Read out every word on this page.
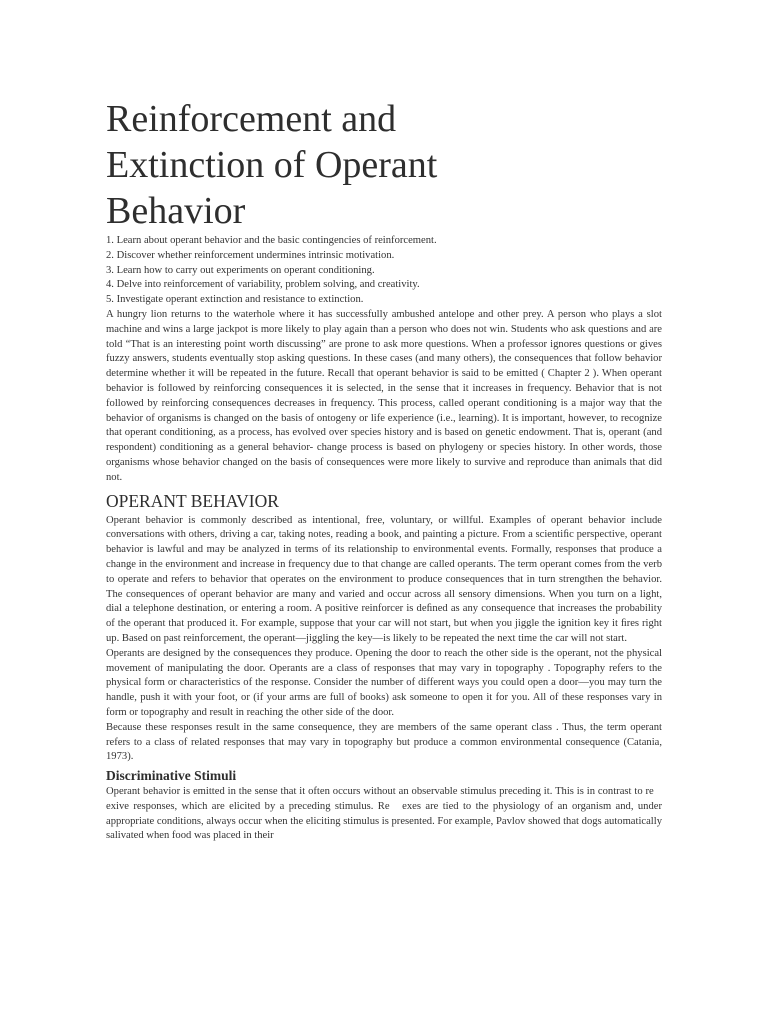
Reinforcement and Extinction of Operant Behavior
1. Learn about operant behavior and the basic contingencies of reinforcement.
2. Discover whether reinforcement undermines intrinsic motivation.
3. Learn how to carry out experiments on operant conditioning.
4. Delve into reinforcement of variability, problem solving, and creativity.
5. Investigate operant extinction and resistance to extinction.

A hungry lion returns to the waterhole where it has successfully ambushed antelope and other prey. A person who plays a slot machine and wins a large jackpot is more likely to play again than a person who does not win. Students who ask questions and are told “That is an interesting point worth discussing” are prone to ask more questions. When a professor ignores questions or gives fuzzy answers, students eventually stop asking questions. In these cases (and many others), the consequences that follow behavior determine whether it will be repeated in the future. Recall that operant behavior is said to be emitted ( Chapter 2 ). When operant behavior is followed by reinforcing consequences it is selected, in the sense that it increases in frequency. Behavior that is not followed by reinforcing consequences decreases in frequency. This process, called operant conditioning is a major way that the behavior of organisms is changed on the basis of ontogeny or life experience (i.e., learning). It is important, however, to recognize that operant conditioning, as a process, has evolved over species history and is based on genetic endowment. That is, operant (and respondent) conditioning as a general behavior- change process is based on phylogeny or species history. In other words, those organisms whose behavior changed on the basis of consequences were more likely to survive and reproduce than animals that did not.

OPERANT BEHAVIOR

Operant behavior is commonly described as intentional, free, voluntary, or willful. Examples of operant behavior include conversations with others, driving a car, taking notes, reading a book, and painting a picture. From a scientiﬁc perspective, operant behavior is lawful and may be analyzed in terms of its relationship to environmental events. Formally, responses that produce a change in the environment and increase in frequency due to that change are called operants. The term operant comes from the verb to operate and refers to behavior that operates on the environment to produce consequences that in turn strengthen the behavior. The consequences of operant behavior are many and varied and occur across all sensory dimensions. When you turn on a light, dial a telephone destination, or entering a room. A positive reinforcer is deﬁned as any consequence that increases the probability of the operant that produced it. For example, suppose that your car will not start, but when you jiggle the ignition key it ﬁres right up. Based on past reinforcement, the operant—jiggling the key—is likely to be repeated the next time the car will not start.

Operants are designed by the consequences they produce. Opening the door to reach the other side is the operant, not the physical movement of manipulating the door. Operants are a class of responses that may vary in topography . Topography refers to the physical form or characteristics of the response. Consider the number of different ways you could open a door—you may turn the handle, push it with your foot, or (if your arms are full of books) ask someone to open it for you. All of these responses vary in form or topography and result in reaching the other side of the door.

Because these responses result in the same consequence, they are members of the same operant class . Thus, the term operant refers to a class of related responses that may vary in topography but produce a common environmental consequence (Catania, 1973).

Discriminative Stimuli

Operant behavior is emitted in the sense that it often occurs without an observable stimulus preceding it. This is in contrast to re  exive responses, which are elicited by a preceding stimulus. Re  exes are tied to the physiology of an organism and, under appropriate conditions, always occur when the eliciting stimulus is presented. For example, Pavlov showed that dogs automatically salivated when food was placed in their
